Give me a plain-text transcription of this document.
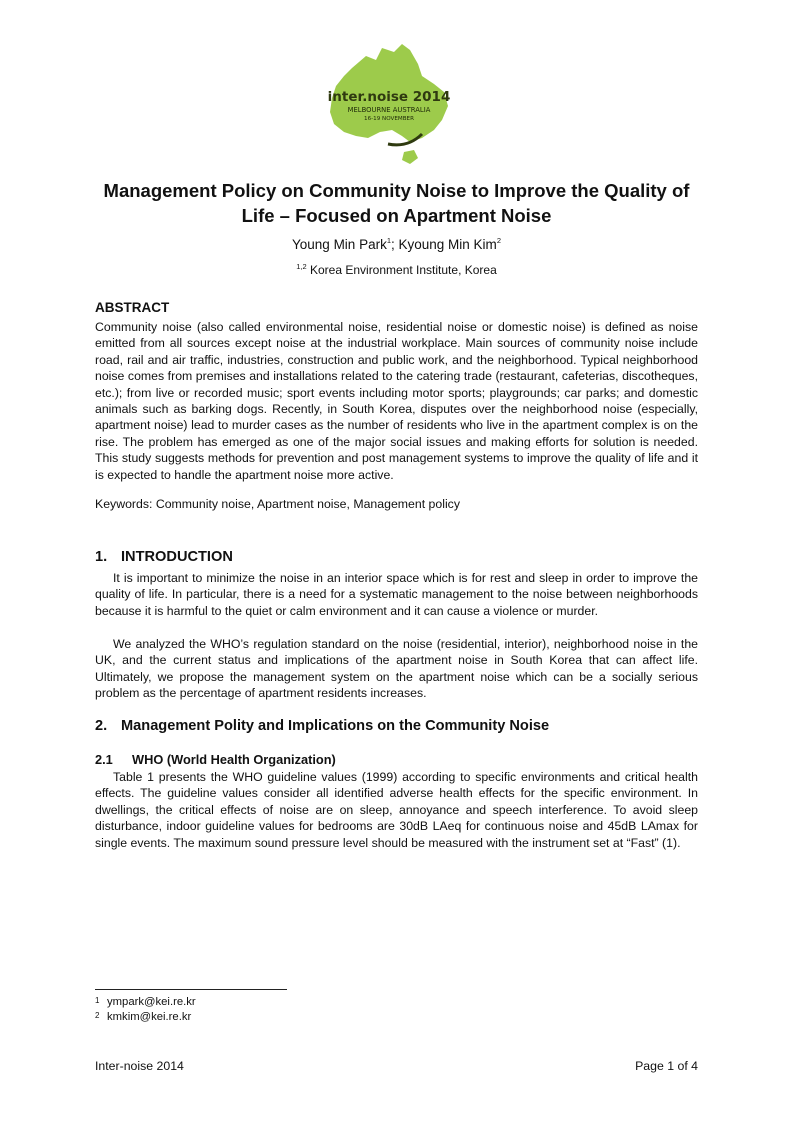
inter.noise 2014
MELBOURNE AUSTRALIA
16-19 NOVEMBER
Management Policy on Community Noise to Improve the Quality of Life – Focused on Apartment Noise
Young Min Park$^1$; Kyoung Min Kim$^2$
$^{1,2}$ Korea Environment Institute, Korea
ABSTRACT

Community noise (also called environmental noise, residential noise or domestic noise) is defined as noise emitted from all sources except noise at the industrial workplace. Main sources of community noise include road, rail and air traffic, industries, construction and public work, and the neighborhood. Typical neighborhood noise comes from premises and installations related to the catering trade (restaurant, cafeterias, discotheques, etc.); from live or recorded music; sport events including motor sports; playgrounds; car parks; and domestic animals such as barking dogs. Recently, in South Korea, disputes over the neighborhood noise (especially, apartment noise) lead to murder cases as the number of residents who live in the apartment complex is on the rise. The problem has emerged as one of the major social issues and making efforts for solution is needed. This study suggests methods for prevention and post management systems to improve the quality of life and it is expected to handle the apartment noise more active.

Keywords: Community noise, Apartment noise, Management policy

1. INTRODUCTION

It is important to minimize the noise in an interior space which is for rest and sleep in order to improve the quality of life. In particular, there is a need for a systematic management to the noise between neighborhoods because it is harmful to the quiet or calm environment and it can cause a violence or murder.

We analyzed the WHO’s regulation standard on the noise (residential, interior), neighborhood noise in the UK, and the current status and implications of the apartment noise in South Korea that can affect life. Ultimately, we propose the management system on the apartment noise which can be a socially serious problem as the percentage of apartment residents increases.

2. Management Polity and Implications on the Community Noise
2.1 WHO (World Health Organization)

Table 1 presents the WHO guideline values (1999) according to specific environments and critical health effects. The guideline values consider all identified adverse health effects for the specific environment. In dwellings, the critical effects of noise are on sleep, annoyance and speech interference. To avoid sleep disturbance, indoor guideline values for bedrooms are 30dB LAeq for continuous noise and 45dB LAmax for single events. The maximum sound pressure level should be measured with the instrument set at “Fast” (1).

1 ympark@kei.re.kr
2 kmkim@kei.re.kr
Inter-noise 2014	Page 1 of 4
